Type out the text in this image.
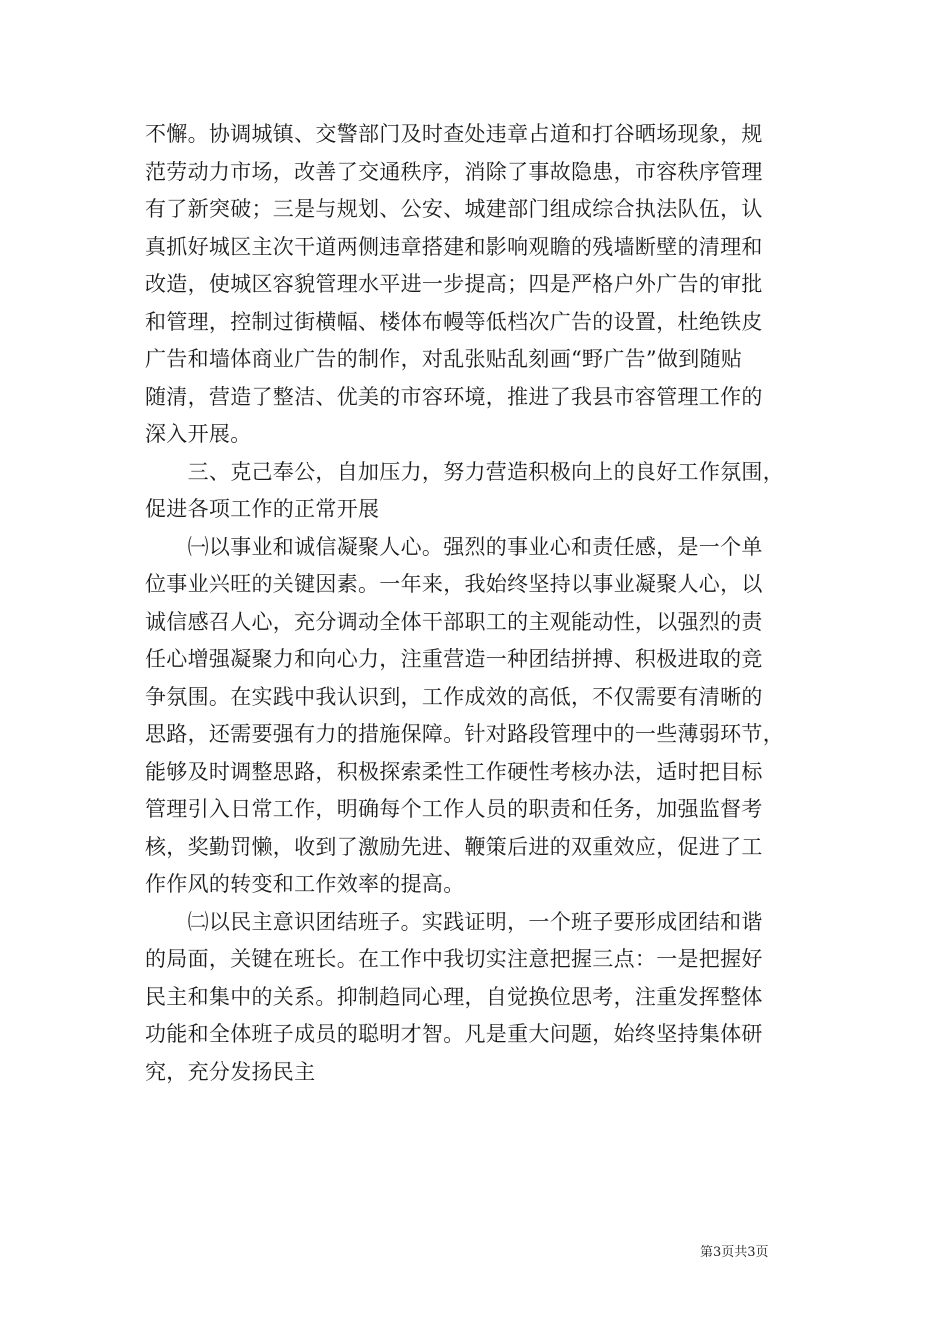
不懈。协调城镇、交警部门及时查处违章占道和打谷晒场现象，规
范劳动力市场，改善了交通秩序，消除了事故隐患，市容秩序管理
有了新突破；三是与规划、公安、城建部门组成综合执法队伍，认
真抓好城区主次干道两侧违章搭建和影响观瞻的残墙断壁的清理和
改造，使城区容貌管理水平进一步提高；四是严格户外广告的审批
和管理，控制过街横幅、楼体布幔等低档次广告的设置，杜绝铁皮
广告和墙体商业广告的制作，对乱张贴乱刻画“野广告”做到随贴
随清，营造了整洁、优美的市容环境，推进了我县市容管理工作的
深入开展。
　　三、克己奉公，自加压力，努力营造积极向上的良好工作氛围，
促进各项工作的正常开展
　　㈠以事业和诚信凝聚人心。强烈的事业心和责任感，是一个单
位事业兴旺的关键因素。一年来，我始终坚持以事业凝聚人心，以
诚信感召人心，充分调动全体干部职工的主观能动性，以强烈的责
任心增强凝聚力和向心力，注重营造一种团结拼搏、积极进取的竞
争氛围。在实践中我认识到，工作成效的高低，不仅需要有清晰的
思路，还需要强有力的措施保障。针对路段管理中的一些薄弱环节，
能够及时调整思路，积极探索柔性工作硬性考核办法，适时把目标
管理引入日常工作，明确每个工作人员的职责和任务，加强监督考
核，奖勤罚懒，收到了激励先进、鞭策后进的双重效应，促进了工
作作风的转变和工作效率的提高。
　　㈡以民主意识团结班子。实践证明，一个班子要形成团结和谐
的局面，关键在班长。在工作中我切实注意把握三点：一是把握好
民主和集中的关系。抑制趋同心理，自觉换位思考，注重发挥整体
功能和全体班子成员的聪明才智。凡是重大问题，始终坚持集体研
究，充分发扬民主
第3页共3页
